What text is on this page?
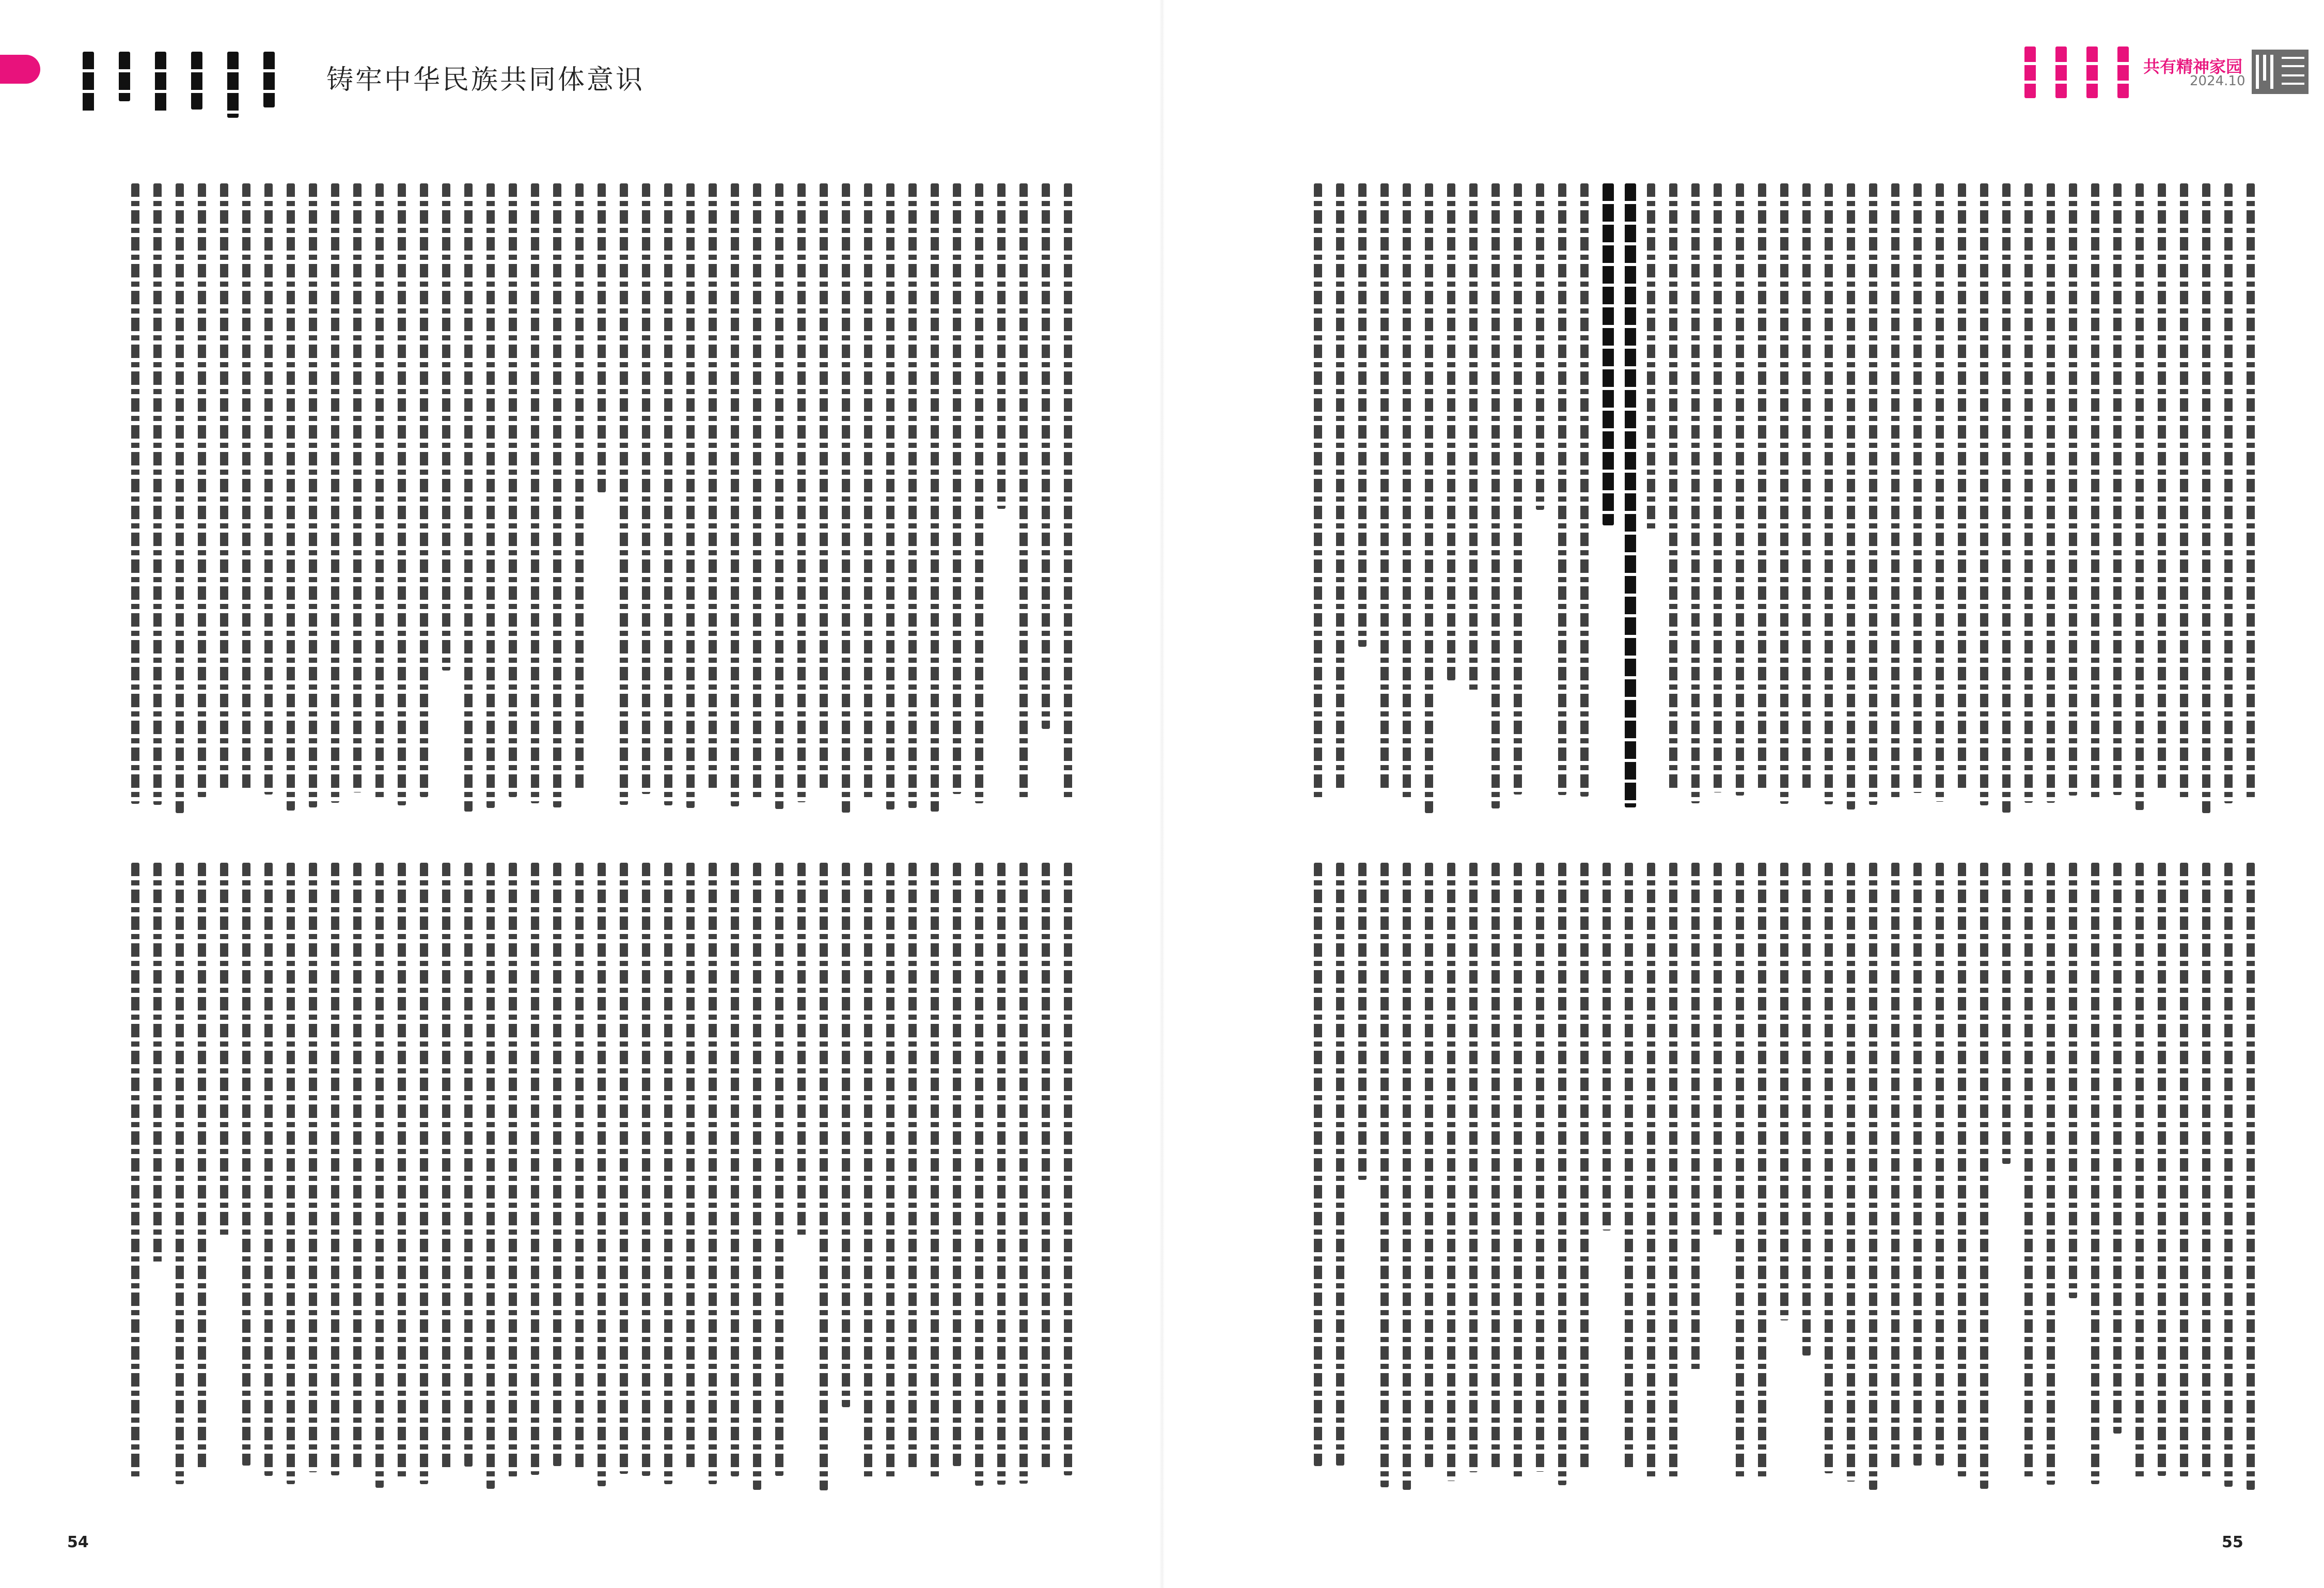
铸牢中华民族共同体意识
54
共有精神家园
2024.10
55
